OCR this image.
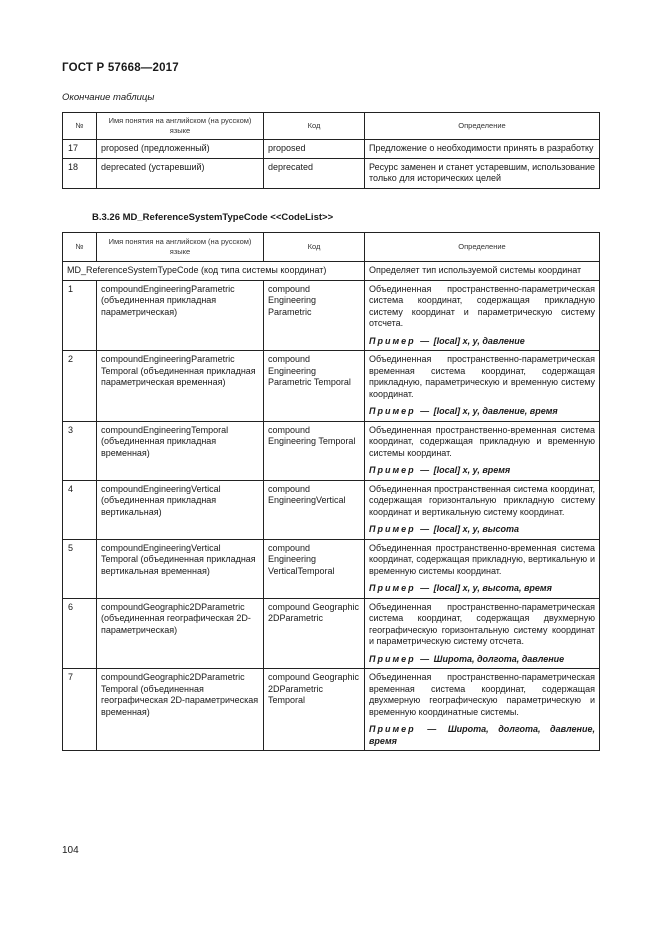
ГОСТ Р 57668—2017
Окончание таблицы
№	Имя понятия на английском (на русском) языке	Код	Определение
17	proposed (предложенный)	proposed	Предложение о необходимости принять в разработку
18	deprecated (устаревший)	deprecated	Ресурс заменен и станет устаревшим, использование только для исторических целей
B.3.26 MD_ReferenceSystemTypeCode <<CodeList>>
№	Имя понятия на английском (на русском) языке	Код	Определение
MD_ReferenceSystemTypeCode (код типа системы координат)			Определяет тип используемой системы координат
1	compoundEngineeringParametric (объединенная прикладная параметрическая)	compound Engineering Parametric	Объединенная пространственно-параметрическая система координат, содержащая прикладную систему координат и параметрическую систему отсчета.
Пример — [local] x, y, давление

2	compoundEngineeringParametric Temporal (объединенная прикладная параметрическая временная)	compound Engineering Parametric Temporal	Объединенная пространственно-параметрическая временная система координат, содержащая прикладную, параметрическую и временную систему координат.
Пример — [local] x, y, давление, время

3	compoundEngineeringTemporal (объединенная прикладная временная)	compound Engineering Temporal	Объединенная пространственно-временная система координат, содержащая прикладную и временную системы координат.
Пример — [local] x, y, время

4	compoundEngineeringVertical (объединенная прикладная вертикальная)	compound EngineeringVertical	Объединенная пространственная система координат, содержащая горизонтальную прикладную систему координат и вертикальную систему координат.
Пример — [local] x, y, высота

5	compoundEngineeringVertical Temporal (объединенная прикладная вертикальная временная)	compound Engineering VerticalTemporal	Объединенная пространственно-временная система координат, содержащая прикладную, вертикальную и временную системы координат.
Пример — [local] x, y, высота, время

6	compoundGeographic2DParametric (объединенная географическая 2D-параметрическая)	compound Geographic 2DParametric	Объединенная пространственно-параметрическая система координат, содержащая двухмерную географическую горизонтальную систему координат и параметрическую систему отсчета.
Пример — Широта, долгота, давление

7	compoundGeographic2DParametric Temporal (объединенная географическая 2D-параметрическая временная)	compound Geographic 2DParametric Temporal	Объединенная пространственно-параметрическая временная система координат, содержащая двухмерную географическую параметрическую и временную координатные системы.
Пример — Широта, долгота, давление, время
104
